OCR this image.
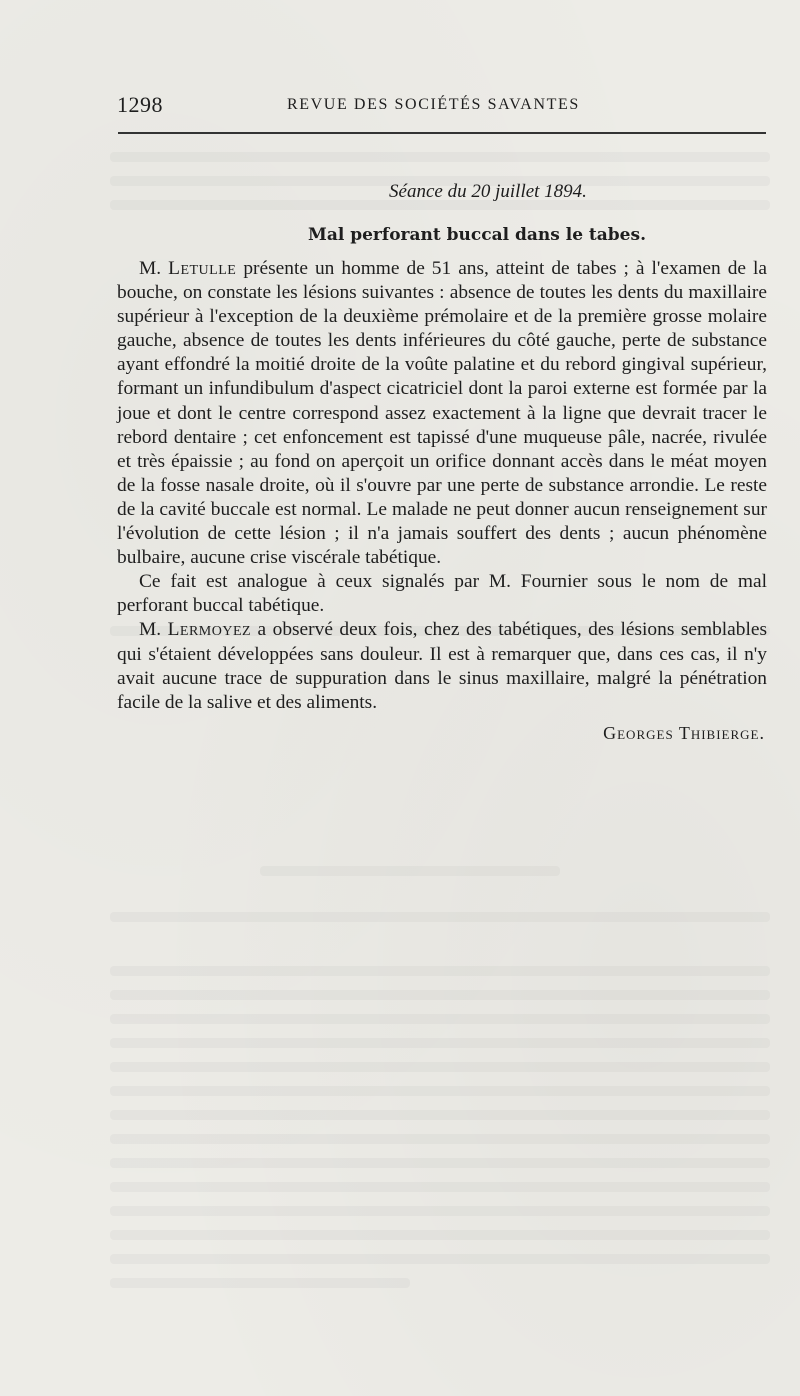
1298	REVUE DES SOCIÉTÉS SAVANTES
Séance du 20 juillet 1894.
Mal perforant buccal dans le tabes.

M. Letulle présente un homme de 51 ans, atteint de tabes ; à l'examen de la bouche, on constate les lésions suivantes : absence de toutes les dents du maxillaire supérieur à l'exception de la deuxième prémolaire et de la première grosse molaire gauche, absence de toutes les dents inférieures du côté gauche, perte de substance ayant effondré la moitié droite de la voûte palatine et du rebord gingival supérieur, formant un infundibulum d'aspect cicatriciel dont la paroi externe est formée par la joue et dont le centre correspond assez exactement à la ligne que devrait tracer le rebord dentaire ; cet enfoncement est tapissé d'une muqueuse pâle, nacrée, rivulée et très épaissie ; au fond on aperçoit un orifice donnant accès dans le méat moyen de la fosse nasale droite, où il s'ouvre par une perte de substance arrondie. Le reste de la cavité buccale est normal. Le malade ne peut donner aucun renseignement sur l'évolution de cette lésion ; il n'a jamais souffert des dents ; aucun phénomène bulbaire, aucune crise viscérale tabétique.

Ce fait est analogue à ceux signalés par M. Fournier sous le nom de mal perforant buccal tabétique.

M. Lermoyez a observé deux fois, chez des tabétiques, des lésions semblables qui s'étaient développées sans douleur. Il est à remarquer que, dans ces cas, il n'y avait aucune trace de suppuration dans le sinus maxillaire, malgré la pénétration facile de la salive et des aliments.

Georges Thibierge.
